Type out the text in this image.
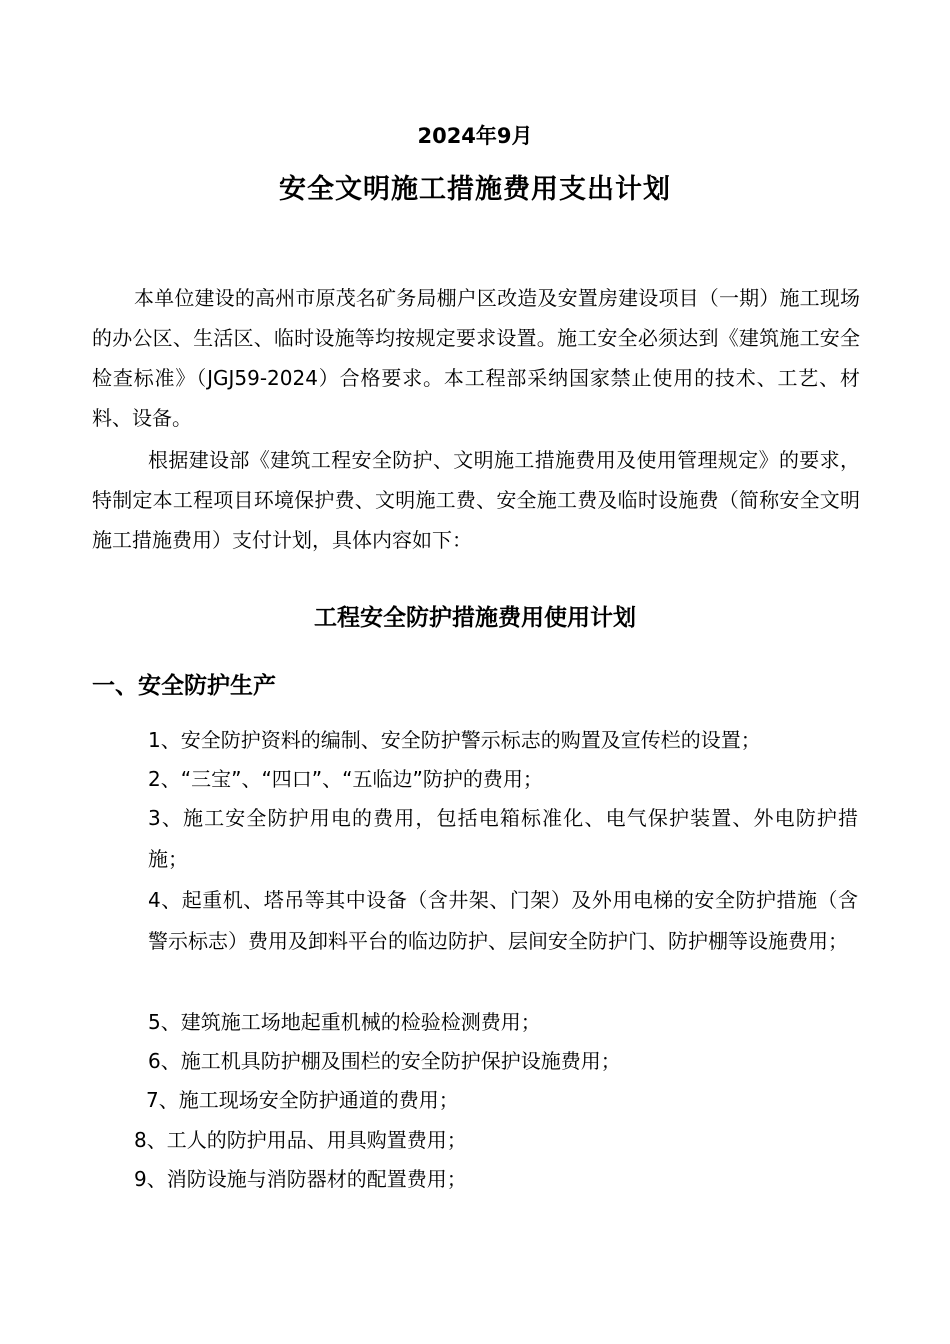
2024年9月
安全文明施工措施费用支出计划

本单位建设的高州市原茂名矿务局棚户区改造及安置房建设项目（一期）施工现场的办公区、生活区、临时设施等均按规定要求设置。施工安全必须达到《建筑施工安全检查标准》（JGJ59-2024）合格要求。本工程部采纳国家禁止使用的技术、工艺、材料、设备。

根据建设部《建筑工程安全防护、文明施工措施费用及使用管理规定》的要求，特制定本工程项目环境保护费、文明施工费、安全施工费及临时设施费（简称安全文明施工措施费用）支付计划，具体内容如下：

工程安全防护措施费用使用计划
一、安全防护生产

1、安全防护资料的编制、安全防护警示标志的购置及宣传栏的设置；

2、“三宝”、“四口”、“五临边”防护的费用；

3、施工安全防护用电的费用，包括电箱标准化、电气保护装置、外电防护措施；

4、起重机、塔吊等其中设备（含井架、门架）及外用电梯的安全防护措施（含警示标志）费用及卸料平台的临边防护、层间安全防护门、防护棚等设施费用；

5、建筑施工场地起重机械的检验检测费用；

6、施工机具防护棚及围栏的安全防护保护设施费用；

7、施工现场安全防护通道的费用；

8、工人的防护用品、用具购置费用；

9、消防设施与消防器材的配置费用；
